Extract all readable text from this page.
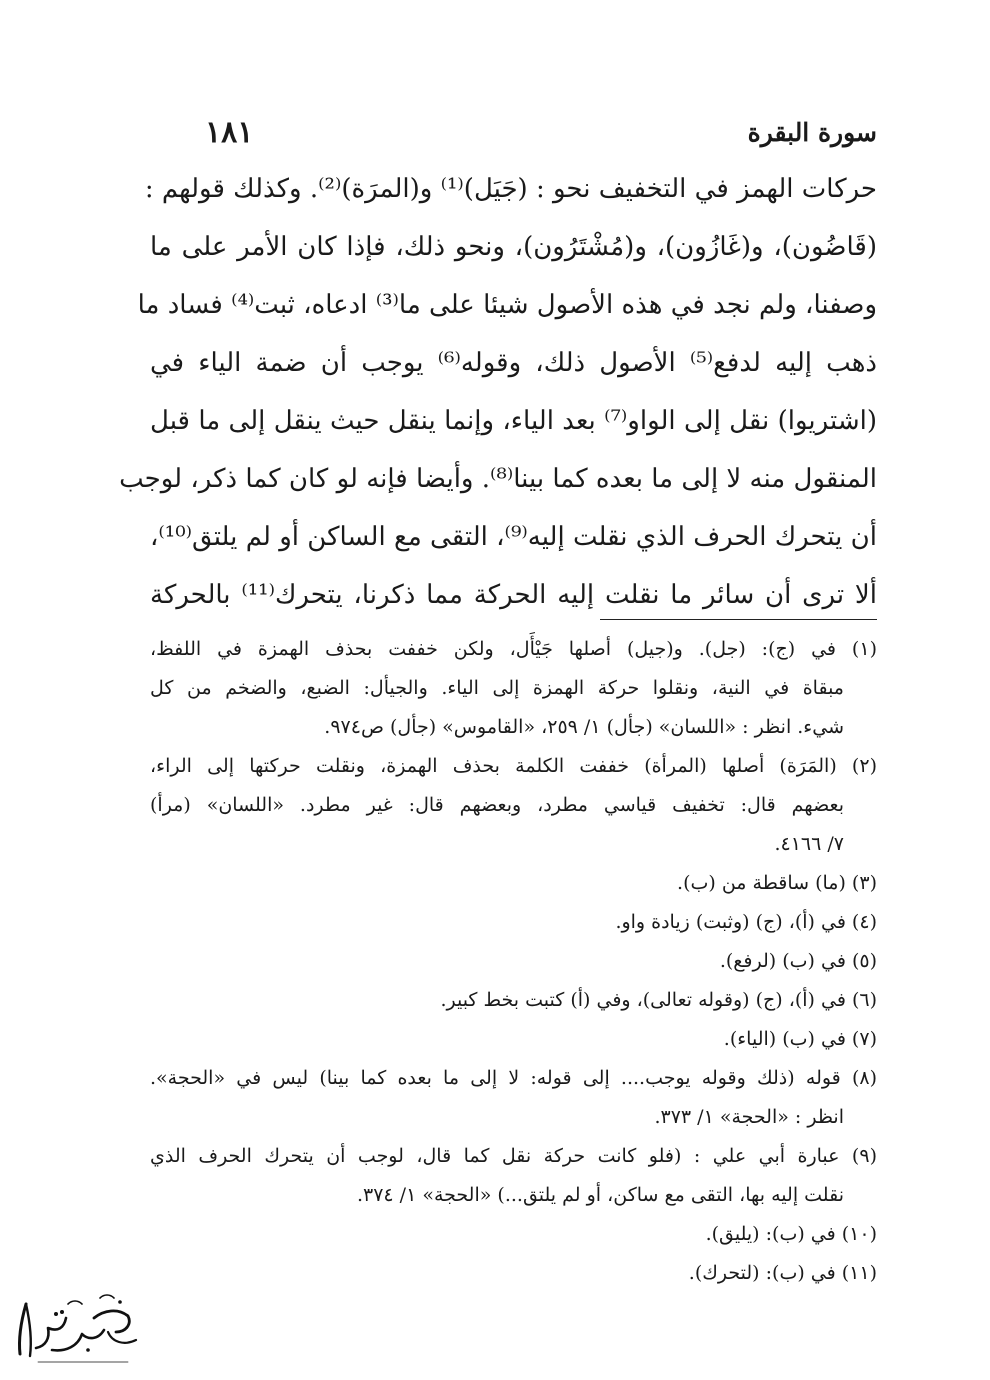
سورة البقرة
١٨١
حركات الهمز في التخفيف نحو : (جَيَل)⁽¹⁾ و(المرَة)⁽²⁾. وكذلك قولهم :
(قَاضُون)، و(غَازُون)، و(مُشْتَرُون)، ونحو ذلك، فإذا كان الأمر على ما
وصفنا، ولم نجد في هذه الأصول شيئا على ما⁽³⁾ ادعاه، ثبت⁽⁴⁾ فساد ما
ذهب إليه لدفع⁽⁵⁾ الأصول ذلك، وقوله⁽⁶⁾ يوجب أن ضمة الياء في
(اشتريوا) نقل إلى الواو⁽⁷⁾ بعد الياء، وإنما ينقل حيث ينقل إلى ما قبل
المنقول منه لا إلى ما بعده كما بينا⁽⁸⁾. وأيضا فإنه لو كان كما ذكر، لوجب
أن يتحرك الحرف الذي نقلت إليه⁽⁹⁾، التقى مع الساكن أو لم يلتق⁽¹⁰⁾،
ألا ترى أن سائر ما نقلت إليه الحركة مما ذكرنا، يتحرك⁽¹¹⁾ بالحركة
(١) في (ج): (جل). و(جيل) أصلها جَيْأَل، ولكن خففت بحذف الهمزة في اللفظ،
مبقاة في النية، ونقلوا حركة الهمزة إلى الياء. والجيأل: الضبع، والضخم من كل
شيء. انظر : «اللسان» (جأل) ١/ ٢٥٩، «القاموس» (جأل) ص٩٧٤.
(٢) (المَرَة) أصلها (المرأة) خففت الكلمة بحذف الهمزة، ونقلت حركتها إلى الراء،
بعضهم قال: تخفيف قياسي مطرد، وبعضهم قال: غير مطرد. «اللسان» (مرأ)
٧/ ٤١٦٦.
(٣) (ما) ساقطة من (ب).
(٤) في (أ)، (ج) (وثبت) زيادة واو.
(٥) في (ب) (لرفع).
(٦) في (أ)، (ج) (وقوله تعالى)، وفي (أ) كتبت بخط كبير.
(٧) في (ب) (الياء).
(٨) قوله (ذلك وقوله يوجب.... إلى قوله: لا إلى ما بعده كما بينا) ليس في «الحجة».
انظر : «الحجة» ١/ ٣٧٣.
(٩) عبارة أبي علي : (فلو كانت حركة نقل كما قال، لوجب أن يتحرك الحرف الذي
نقلت إليه بها، التقى مع ساكن، أو لم يلتق...) «الحجة» ١/ ٣٧٤.
(١٠) في (ب): (يليق).
(١١) في (ب): (لتحرك).
